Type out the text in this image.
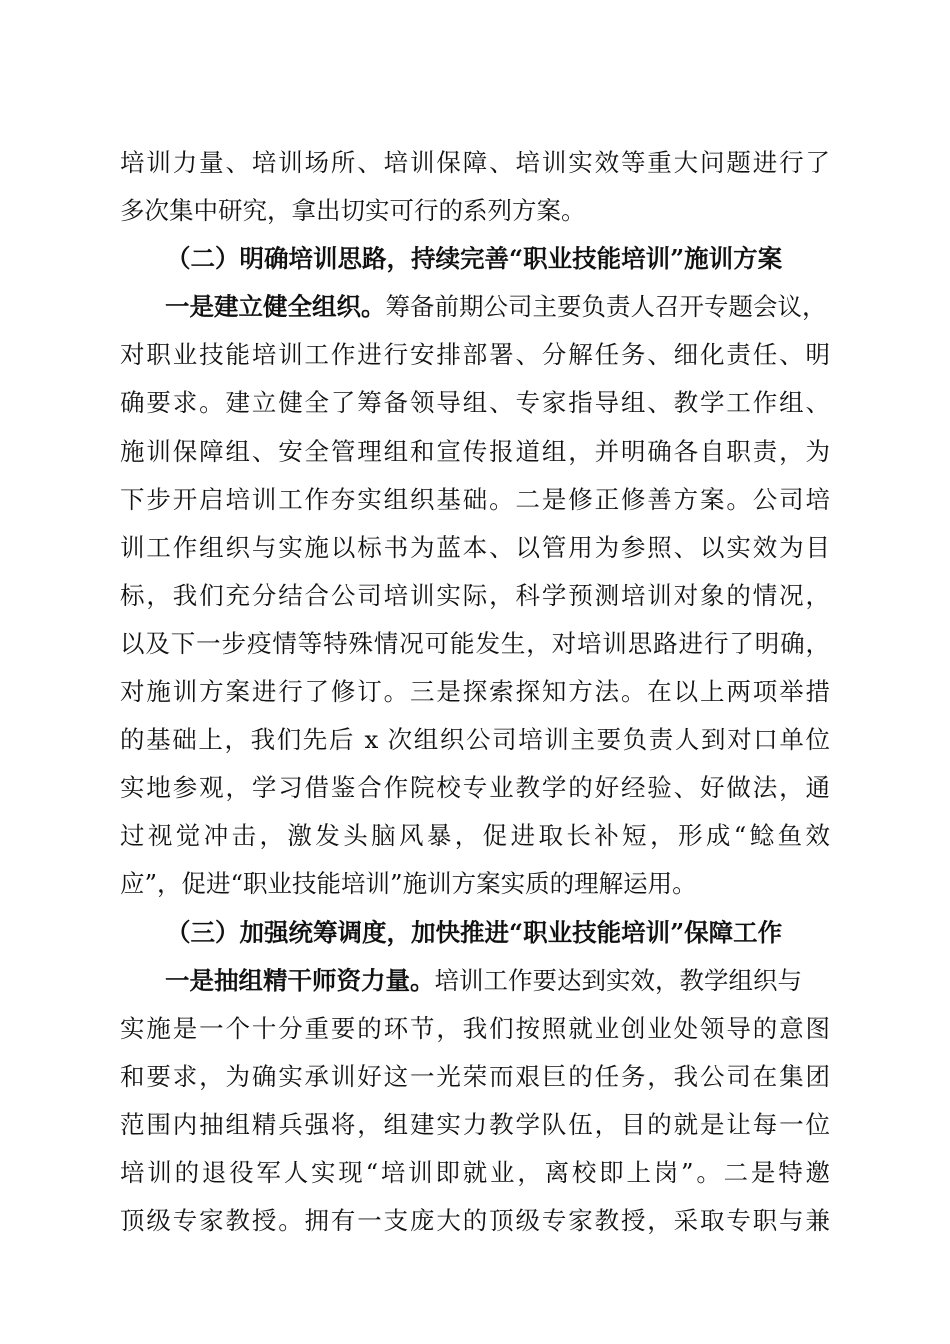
培训力量、培训场所、培训保障、培训实效等重大问题进行了
多次集中研究，拿出切实可行的系列方案。
（二）明确培训思路，持续完善“职业技能培训”施训方案
一是建立健全组织。筹备前期公司主要负责人召开专题会议，
对职业技能培训工作进行安排部署、分解任务、细化责任、明
确要求。建立健全了筹备领导组、专家指导组、教学工作组、
施训保障组、安全管理组和宣传报道组，并明确各自职责，为
下步开启培训工作夯实组织基础。二是修正修善方案。公司培
训工作组织与实施以标书为蓝本、以管用为参照、以实效为目
标，我们充分结合公司培训实际，科学预测培训对象的情况，
以及下一步疫情等特殊情况可能发生，对培训思路进行了明确，
对施训方案进行了修订。三是探索探知方法。在以上两项举措
的基础上，我们先后 x 次组织公司培训主要负责人到对口单位
实地参观，学习借鉴合作院校专业教学的好经验、好做法，通
过视觉冲击，激发头脑风暴，促进取长补短，形成“鲶鱼效
应”，促进“职业技能培训”施训方案实质的理解运用。
（三）加强统筹调度，加快推进“职业技能培训”保障工作
一是抽组精干师资力量。培训工作要达到实效，教学组织与
实施是一个十分重要的环节，我们按照就业创业处领导的意图
和要求，为确实承训好这一光荣而艰巨的任务，我公司在集团
范围内抽组精兵强将，组建实力教学队伍，目的就是让每一位
培训的退役军人实现“培训即就业，离校即上岗”。二是特邀
顶级专家教授。拥有一支庞大的顶级专家教授，采取专职与兼
